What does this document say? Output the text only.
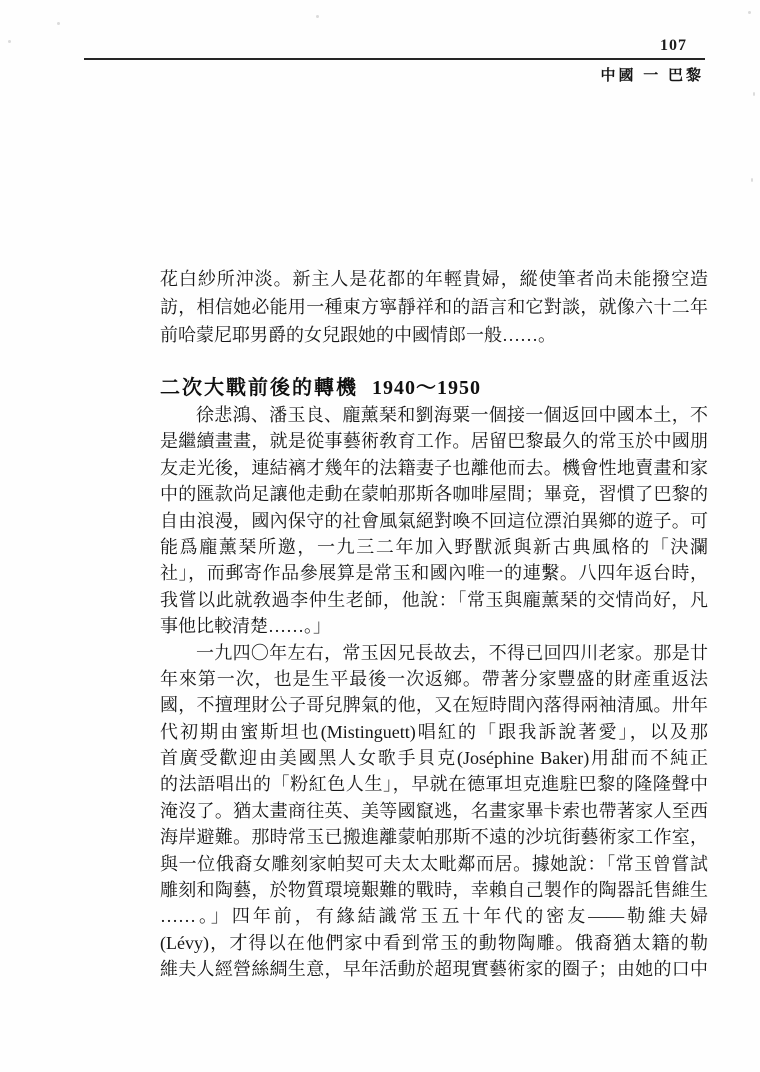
107
中國 一 巴黎
花白紗所沖淡。新主人是花都的年輕貴婦，縱使筆者尚未能撥空造
訪，相信她必能用一種東方寧靜祥和的語言和它對談，就像六十二年
前哈蒙尼耶男爵的女兒跟她的中國情郎一般……。
二次大戰前後的轉機 1940～1950
徐悲鴻、潘玉良、龐薰琹和劉海粟一個接一個返回中國本土，不
是繼續畫畫，就是從事藝術敎育工作。居留巴黎最久的常玉於中國朋
友走光後，連結褵才幾年的法籍妻子也離他而去。機會性地賣畫和家
中的匯款尚足讓他走動在蒙帕那斯各咖啡屋間；畢竟，習慣了巴黎的
自由浪漫，國內保守的社會風氣絕對喚不回這位漂泊異鄉的遊子。可
能爲龐薰琹所邀，一九三二年加入野獸派與新古典風格的「決瀾
社」，而郵寄作品參展算是常玉和國內唯一的連繫。八四年返台時，
我嘗以此就敎過李仲生老師，他說：「常玉與龐薰琹的交情尚好，凡
事他比較清楚……。」
一九四〇年左右，常玉因兄長故去，不得已回四川老家。那是廿
年來第一次，也是生平最後一次返鄉。帶著分家豐盛的財產重返法
國，不擅理財公子哥兒脾氣的他，又在短時間內落得兩袖清風。卅年
代初期由蜜斯坦也(Mistinguett)唱紅的「跟我訴說著愛」，以及那
首廣受歡迎由美國黑人女歌手貝克(Joséphine Baker)用甜而不純正
的法語唱出的「粉紅色人生」，早就在德軍坦克進駐巴黎的隆隆聲中
淹沒了。猶太畫商往英、美等國竄逃，名畫家畢卡索也帶著家人至西
海岸避難。那時常玉已搬進離蒙帕那斯不遠的沙坑街藝術家工作室，
與一位俄裔女雕刻家帕契可夫太太毗鄰而居。據她說：「常玉曾嘗試
雕刻和陶藝，於物質環境艱難的戰時，幸賴自己製作的陶器託售維生
……。」四年前，有緣結識常玉五十年代的密友——勒維夫婦
(Lévy)，才得以在他們家中看到常玉的動物陶雕。俄裔猶太籍的勒
維夫人經營絲綢生意，早年活動於超現實藝術家的圈子；由她的口中
